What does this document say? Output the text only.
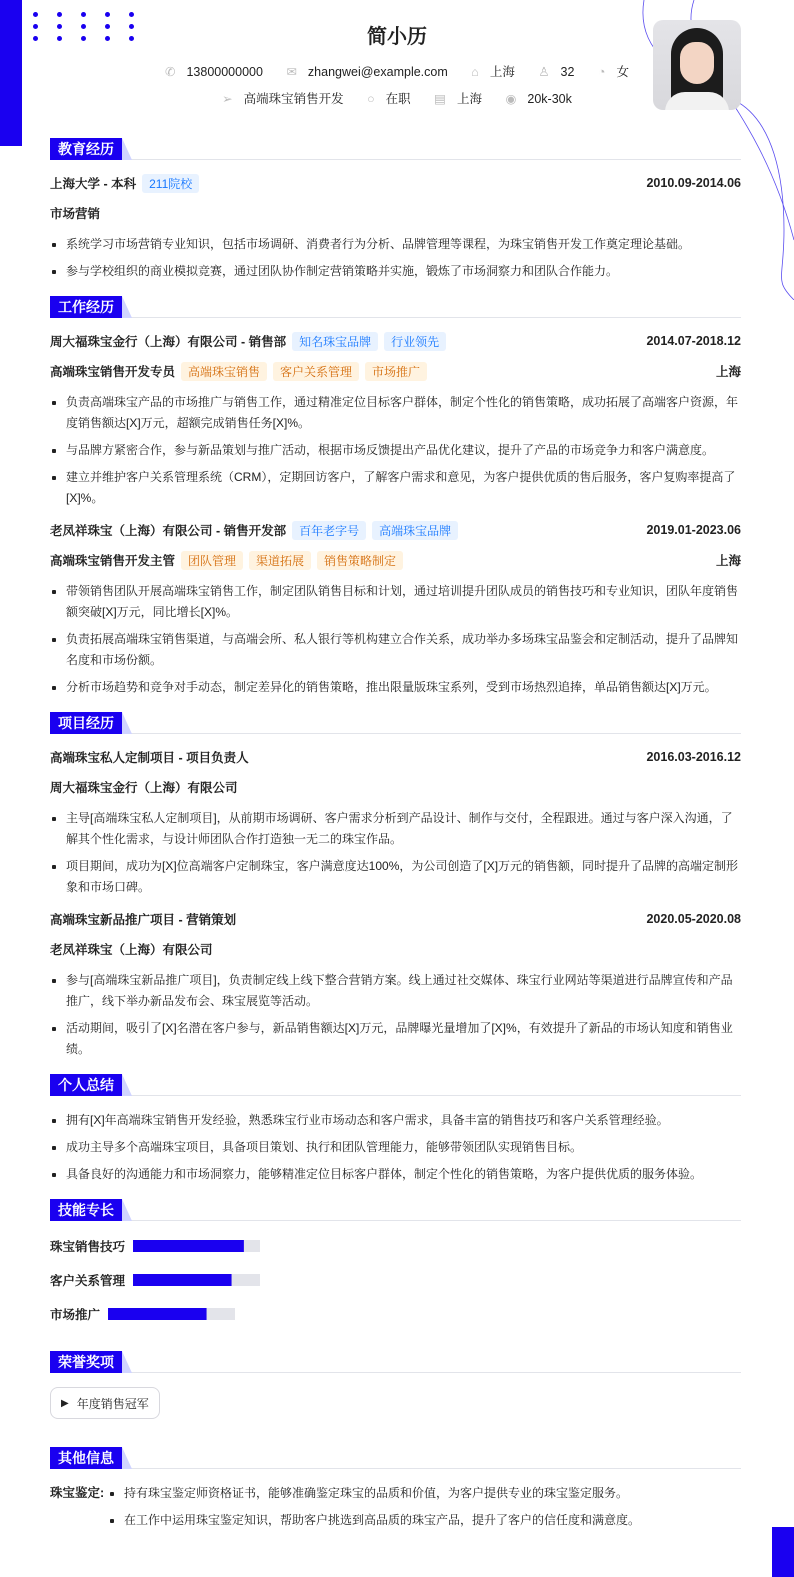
简小历
✆ 13800000000 ✉ zhangwei@example.com ⌂ 上海 ♙ 32 ◔ 女
➢ 高端珠宝销售开发 ○ 在职 ▤ 上海 ◉ 20k-30k
教育经历
上海大学 - 本科 211院校	2010.09-2014.06
市场营销
系统学习市场营销专业知识，包括市场调研、消费者行为分析、品牌管理等课程，为珠宝销售开发工作奠定理论基础。
参与学校组织的商业模拟竞赛，通过团队协作制定营销策略并实施，锻炼了市场洞察力和团队合作能力。
工作经历
周大福珠宝金行（上海）有限公司 - 销售部 知名珠宝品牌 行业领先	2014.07-2018.12
高端珠宝销售开发专员 高端珠宝销售 客户关系管理 市场推广	上海
负责高端珠宝产品的市场推广与销售工作，通过精准定位目标客户群体，制定个性化的销售策略，成功拓展了高端客户资源，年度销售额达[X]万元，超额完成销售任务[X]%。
与品牌方紧密合作，参与新品策划与推广活动，根据市场反馈提出产品优化建议，提升了产品的市场竞争力和客户满意度。
建立并维护客户关系管理系统（CRM），定期回访客户，了解客户需求和意见，为客户提供优质的售后服务，客户复购率提高了[X]%。
老凤祥珠宝（上海）有限公司 - 销售开发部 百年老字号 高端珠宝品牌	2019.01-2023.06
高端珠宝销售开发主管 团队管理 渠道拓展 销售策略制定	上海
带领销售团队开展高端珠宝销售工作，制定团队销售目标和计划，通过培训提升团队成员的销售技巧和专业知识，团队年度销售额突破[X]万元，同比增长[X]%。
负责拓展高端珠宝销售渠道，与高端会所、私人银行等机构建立合作关系，成功举办多场珠宝品鉴会和定制活动，提升了品牌知名度和市场份额。
分析市场趋势和竞争对手动态，制定差异化的销售策略，推出限量版珠宝系列，受到市场热烈追捧，单品销售额达[X]万元。
项目经历
高端珠宝私人定制项目 - 项目负责人	2016.03-2016.12
周大福珠宝金行（上海）有限公司
主导[高端珠宝私人定制项目]，从前期市场调研、客户需求分析到产品设计、制作与交付，全程跟进。通过与客户深入沟通，了解其个性化需求，与设计师团队合作打造独一无二的珠宝作品。
项目期间，成功为[X]位高端客户定制珠宝，客户满意度达100%，为公司创造了[X]万元的销售额，同时提升了品牌的高端定制形象和市场口碑。
高端珠宝新品推广项目 - 营销策划	2020.05-2020.08
老凤祥珠宝（上海）有限公司
参与[高端珠宝新品推广项目]，负责制定线上线下整合营销方案。线上通过社交媒体、珠宝行业网站等渠道进行品牌宣传和产品推广，线下举办新品发布会、珠宝展览等活动。
活动期间，吸引了[X]名潜在客户参与，新品销售额达[X]万元，品牌曝光量增加了[X]%，有效提升了新品的市场认知度和销售业绩。
个人总结
拥有[X]年高端珠宝销售开发经验，熟悉珠宝行业市场动态和客户需求，具备丰富的销售技巧和客户关系管理经验。
成功主导多个高端珠宝项目，具备项目策划、执行和团队管理能力，能够带领团队实现销售目标。
具备良好的沟通能力和市场洞察力，能够精准定位目标客户群体，制定个性化的销售策略，为客户提供优质的服务体验。
技能专长
珠宝销售技巧
客户关系管理
市场推广
荣誉奖项
▶ 年度销售冠军
其他信息
珠宝鉴定:	持有珠宝鉴定师资格证书，能够准确鉴定珠宝的品质和价值，为客户提供专业的珠宝鉴定服务。
在工作中运用珠宝鉴定知识，帮助客户挑选到高品质的珠宝产品，提升了客户的信任度和满意度。
